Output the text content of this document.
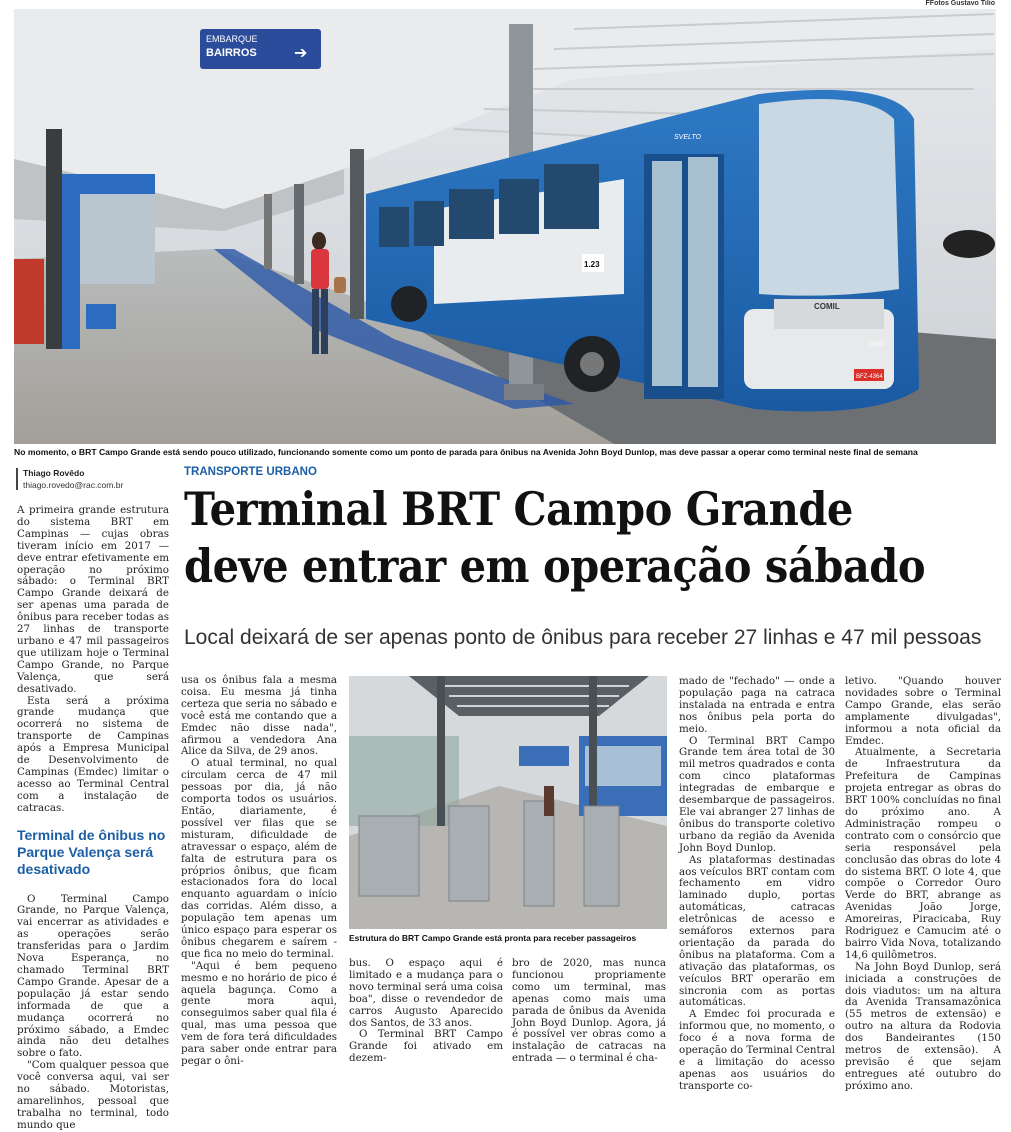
FFotos Gustavo Tilio
EMBARQUE
BAIRROS ➔
COMIL
SVELTO
1.23
BFZ-4364
10657
No momento, o BRT Campo Grande está sendo pouco utilizado, funcionando somente como um ponto de parada para ônibus na Avenida John Boyd Dunlop, mas deve passar a operar como terminal neste final de semana
Thiago Rovêdo
thiago.rovedo@rac.com.br
TRANSPORTE URBANO
Terminal BRT Campo Grande
deve entrar em operação sábado
Local deixará de ser apenas ponto de ônibus para receber 27 linhas e 47 mil pessoas

A primeira grande estrutura do sistema BRT em Campinas — cujas obras tiveram início em 2017 — deve entrar efetivamente em operação no próximo sábado: o Terminal BRT Campo Grande deixará de ser apenas uma parada de ônibus para receber todas as 27 linhas de transporte urbano e 47 mil passageiros que utilizam hoje o Terminal Campo Grande, no Parque Valença, que será desativado.

Esta será a próxima grande mudança que ocorrerá no sistema de transporte de Campinas após a Empresa Municipal de Desenvolvimento de Campinas (Emdec) limitar o acesso ao Terminal Central com a instalação de catracas.

Terminal de ônibus no Parque Valença será desativado

O Terminal Campo Grande, no Parque Valença, vai encerrar as atividades e as operações serão transferidas para o Jardim Nova Esperança, no chamado Terminal BRT Campo Grande. Apesar de a população já estar sendo informada de que a mudança ocorrerá no próximo sábado, a Emdec ainda não deu detalhes sobre o fato.

"Com qualquer pessoa que você conversa aqui, vai ser no sábado. Motoristas, amarelinhos, pessoal que trabalha no terminal, todo mundo que

usa os ônibus fala a mesma coisa. Eu mesma já tinha certeza que seria no sábado e você está me contando que a Emdec não disse nada", afirmou a vendedora Ana Alice da Silva, de 29 anos.

O atual terminal, no qual circulam cerca de 47 mil pessoas por dia, já não comporta todos os usuários. Então, diariamente, é possível ver filas que se misturam, dificuldade de atravessar o espaço, além de falta de estrutura para os próprios ônibus, que ficam estacionados fora do local enquanto aguardam o início das corridas. Além disso, a população tem apenas um único espaço para esperar os ônibus chegarem e saírem - que fica no meio do terminal.

"Aqui é bem pequeno mesmo e no horário de pico é aquela bagunça. Como a gente mora aqui, conseguimos saber qual fila é qual, mas uma pessoa que vem de fora terá dificuldades para saber onde entrar para pegar o ôni-

Estrutura do BRT Campo Grande está pronta para receber passageiros

bus. O espaço aqui é limitado e a mudança para o novo terminal será uma coisa boa", disse o revendedor de carros Augusto Aparecido dos Santos, de 33 anos.

O Terminal BRT Campo Grande foi ativado em dezem-

bro de 2020, mas nunca funcionou propriamente como um terminal, mas apenas como mais uma parada de ônibus da Avenida John Boyd Dunlop. Agora, já é possível ver obras como a instalação de catracas na entrada — o terminal é cha-

mado de "fechado" — onde a população paga na catraca instalada na entrada e entra nos ônibus pela porta do meio.

O Terminal BRT Campo Grande tem área total de 30 mil metros quadrados e conta com cinco plataformas integradas de embarque e desembarque de passageiros. Ele vai abranger 27 linhas de ônibus do transporte coletivo urbano da região da Avenida John Boyd Dunlop.

As plataformas destinadas aos veículos BRT contam com fechamento em vidro laminado duplo, portas automáticas, catracas eletrônicas de acesso e semáforos externos para orientação da parada do ônibus na plataforma. Com a ativação das plataformas, os veículos BRT operarão em sincronia com as portas automáticas.

A Emdec foi procurada e informou que, no momento, o foco é a nova forma de operação do Terminal Central e a limitação do acesso apenas aos usuários do transporte co-

letivo. "Quando houver novidades sobre o Terminal Campo Grande, elas serão amplamente divulgadas", informou a nota oficial da Emdec.

Atualmente, a Secretaria de Infraestrutura da Prefeitura de Campinas projeta entregar as obras do BRT 100% concluídas no final do próximo ano. A Administração rompeu o contrato com o consórcio que seria responsável pela conclusão das obras do lote 4 do sistema BRT. O lote 4, que compõe o Corredor Ouro Verde do BRT, abrange as Avenidas João Jorge, Amoreiras, Piracicaba, Ruy Rodriguez e Camucim até o bairro Vida Nova, totalizando 14,6 quilômetros.

Na John Boyd Dunlop, será iniciada a construções de dois viadutos: um na altura da Avenida Transamazônica (55 metros de extensão) e outro na altura da Rodovia dos Bandeirantes (150 metros de extensão). A previsão é que sejam entregues até outubro do próximo ano.
